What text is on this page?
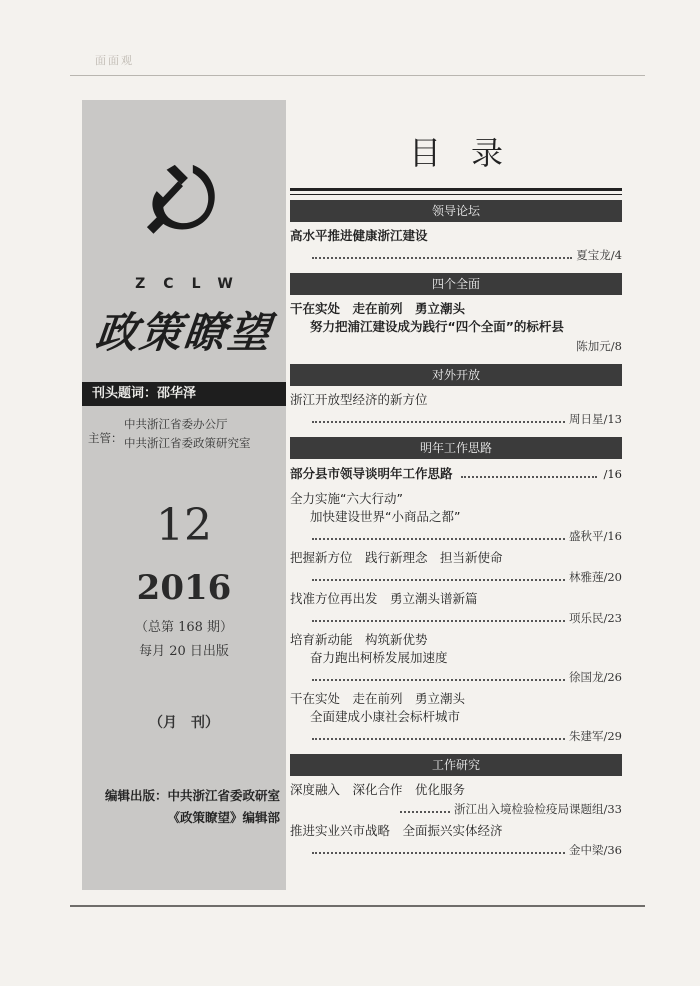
面面观
ZCLW
政策瞭望
刊头题词：邵华泽
主管：
中共浙江省委办公厅
中共浙江省委政策研究室
12
2016
（总第 168 期）
每月 20 日出版
（月　刊）
编辑出版：中共浙江省委政研室
《政策瞭望》编辑部
目录
领导论坛
高水平推进健康浙江建设
夏宝龙/4
四个全面
干在实处　走在前列　勇立潮头
努力把浦江建设成为践行“四个全面”的标杆县
陈加元/8
对外开放
浙江开放型经济的新方位
周日星/13
明年工作思路
部分县市领导谈明年工作思路	/16
全力实施“六大行动”
加快建设世界“小商品之都”
盛秋平/16
把握新方位　践行新理念　担当新使命
林雅莲/20
找准方位再出发　勇立潮头谱新篇
项乐民/23
培育新动能　构筑新优势
奋力跑出柯桥发展加速度
徐国龙/26
干在实处　走在前列　勇立潮头
全面建成小康社会标杆城市
朱建军/29
工作研究
深度融入　深化合作　优化服务
浙江出入境检验检疫局课题组/33
推进实业兴市战略　全面振兴实体经济
金中梁/36
